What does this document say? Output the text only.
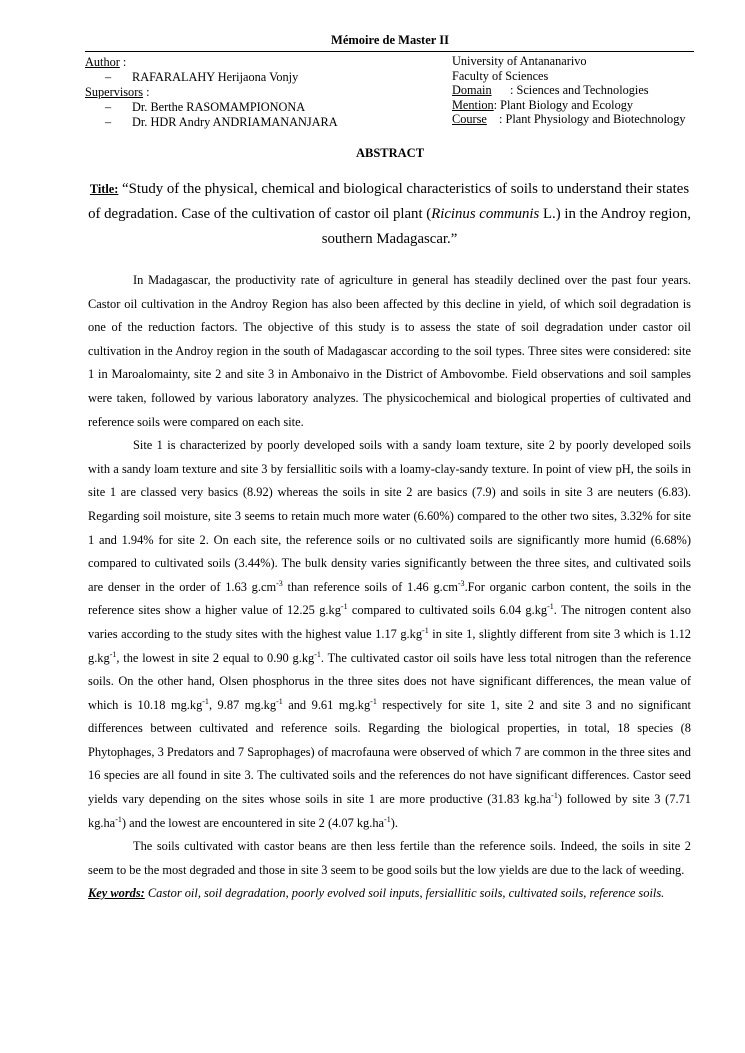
Mémoire de Master II
Author :
– RAFARALAHY Herijaona Vonjy
Supervisors :
– Dr. Berthe RASOMAMPIONONA
– Dr. HDR Andry ANDRIAMANANJARA
University of Antananarivo
Faculty of Sciences
Domain : Sciences and Technologies
Mention: Plant Biology and Ecology
Course : Plant Physiology and Biotechnology
ABSTRACT
Title: “Study of the physical, chemical and biological characteristics of soils to understand their states of degradation. Case of the cultivation of castor oil plant (Ricinus communis L.) in the Androy region, southern Madagascar.”

In Madagascar, the productivity rate of agriculture in general has steadily declined over the past four years. Castor oil cultivation in the Androy Region has also been affected by this decline in yield, of which soil degradation is one of the reduction factors. The objective of this study is to assess the state of soil degradation under castor oil cultivation in the Androy region in the south of Madagascar according to the soil types. Three sites were considered: site 1 in Maroalomainty, site 2 and site 3 in Ambonaivo in the District of Ambovombe. Field observations and soil samples were taken, followed by various laboratory analyzes. The physicochemical and biological properties of cultivated and reference soils were compared on each site.

Site 1 is characterized by poorly developed soils with a sandy loam texture, site 2 by poorly developed soils with a sandy loam texture and site 3 by fersiallitic soils with a loamy-clay-sandy texture. In point of view pH, the soils in site 1 are classed very basics (8.92) whereas the soils in site 2 are basics (7.9) and soils in site 3 are neuters (6.83). Regarding soil moisture, site 3 seems to retain much more water (6.60%) compared to the other two sites, 3.32% for site 1 and 1.94% for site 2. On each site, the reference soils or no cultivated soils are significantly more humid (6.68%) compared to cultivated soils (3.44%). The bulk density varies significantly between the three sites, and cultivated soils are denser in the order of 1.63 $g.cm^{-3}$ than reference soils of 1.46 $g.cm^{-3}.For$ organic carbon content, the soils in the reference sites show a higher value of 12.25 $g.kg^{-1}$ compared to cultivated soils 6.04 $g.kg^{-1}$. The nitrogen content also varies according to the study sites with the highest value 1.17 $g.kg^{-1}$ in site 1, slightly different from site 3 which is 1.12 $g.kg^{-1}$, the lowest in site 2 equal to 0.90 $g.kg^{-1}$. The cultivated castor oil soils have less total nitrogen than the reference soils. On the other hand, Olsen phosphorus in the three sites does not have significant differences, the mean value of which is 10.18 $mg.kg^{-1}$, 9.87 $mg.kg^{-1}$ and 9.61 $mg.kg^{-1}$ respectively for site 1, site 2 and site 3 and no significant differences between cultivated and reference soils. Regarding the biological properties, in total, 18 species (8 Phytophages, 3 Predators and 7 Saprophages) of macrofauna were observed of which 7 are common in the three sites and 16 species are all found in site 3. The cultivated soils and the references do not have significant differences. Castor seed yields vary depending on the sites whose soils in site 1 are more productive (31.83 $kg.ha^{-1}$) followed by site 3 (7.71 $kg.ha^{-1}$) and the lowest are encountered in site 2 (4.07 $kg.ha^{-1}$).

The soils cultivated with castor beans are then less fertile than the reference soils. Indeed, the soils in site 2 seem to be the most degraded and those in site 3 seem to be good soils but the low yields are due to the lack of weeding.

Key words: Castor oil, soil degradation, poorly evolved soil inputs, fersiallitic soils, cultivated soils, reference soils.
